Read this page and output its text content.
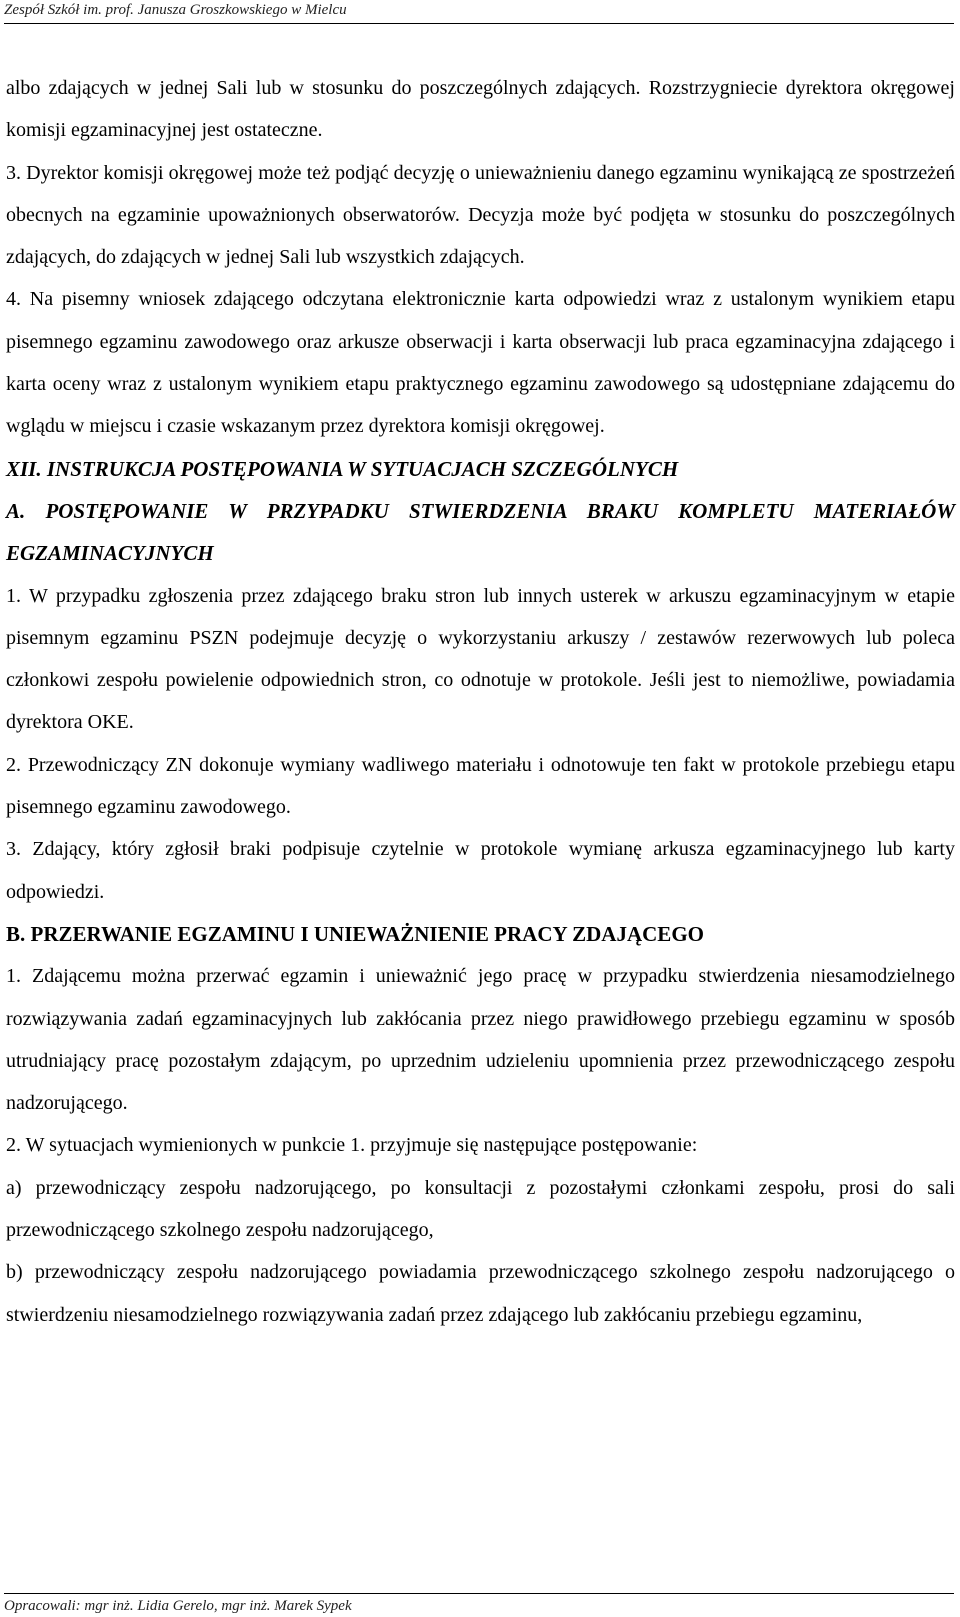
Zespół Szkół im. prof. Janusza Groszkowskiego w Mielcu

albo zdających w jednej Sali lub w stosunku do poszczególnych zdających. Rozstrzygniecie dyrektora okręgowej komisji egzaminacyjnej jest ostateczne.

3. Dyrektor komisji okręgowej może też podjąć decyzję o unieważnieniu danego egzaminu wynikającą ze spostrzeżeń obecnych na egzaminie upoważnionych obserwatorów. Decyzja może być podjęta w stosunku do poszczególnych zdających, do zdających w jednej Sali lub wszystkich zdających.

4. Na pisemny wniosek zdającego odczytana elektronicznie karta odpowiedzi wraz z ustalonym wynikiem etapu pisemnego egzaminu zawodowego oraz arkusze obserwacji i karta obserwacji lub praca egzaminacyjna zdającego i karta oceny wraz z ustalonym wynikiem etapu praktycznego egzaminu zawodowego są udostępniane zdającemu do wglądu w miejscu i czasie wskazanym przez dyrektora komisji okręgowej.

XII. INSTRUKCJA POSTĘPOWANIA W SYTUACJACH SZCZEGÓLNYCH

A. POSTĘPOWANIE W PRZYPADKU STWIERDZENIA BRAKU KOMPLETU MATERIAŁÓW EGZAMINACYJNYCH

1. W przypadku zgłoszenia przez zdającego braku stron lub innych usterek w arkuszu egzaminacyjnym w etapie pisemnym egzaminu PSZN podejmuje decyzję o wykorzystaniu arkuszy / zestawów rezerwowych lub poleca członkowi zespołu powielenie odpowiednich stron, co odnotuje w protokole. Jeśli jest to niemożliwe, powiadamia dyrektora OKE.

2. Przewodniczący ZN dokonuje wymiany wadliwego materiału i odnotowuje ten fakt w protokole przebiegu etapu pisemnego egzaminu zawodowego.

3. Zdający, który zgłosił braki podpisuje czytelnie w protokole wymianę arkusza egzaminacyjnego lub karty odpowiedzi.

B. PRZERWANIE EGZAMINU I UNIEWAŻNIENIE PRACY ZDAJĄCEGO

1. Zdającemu można przerwać egzamin i unieważnić jego pracę w przypadku stwierdzenia niesamodzielnego rozwiązywania zadań egzaminacyjnych lub zakłócania przez niego prawidłowego przebiegu egzaminu w sposób utrudniający pracę pozostałym zdającym, po uprzednim udzieleniu upomnienia przez przewodniczącego zespołu nadzorującego.

2. W sytuacjach wymienionych w punkcie 1. przyjmuje się następujące postępowanie:

a) przewodniczący zespołu nadzorującego, po konsultacji z pozostałymi członkami zespołu, prosi do sali przewodniczącego szkolnego zespołu nadzorującego,

b) przewodniczący zespołu nadzorującego powiadamia przewodniczącego szkolnego zespołu nadzorującego o stwierdzeniu niesamodzielnego rozwiązywania zadań przez zdającego lub zakłócaniu przebiegu egzaminu,

Opracowali: mgr inż. Lidia Gerelo, mgr inż. Marek Sypek
